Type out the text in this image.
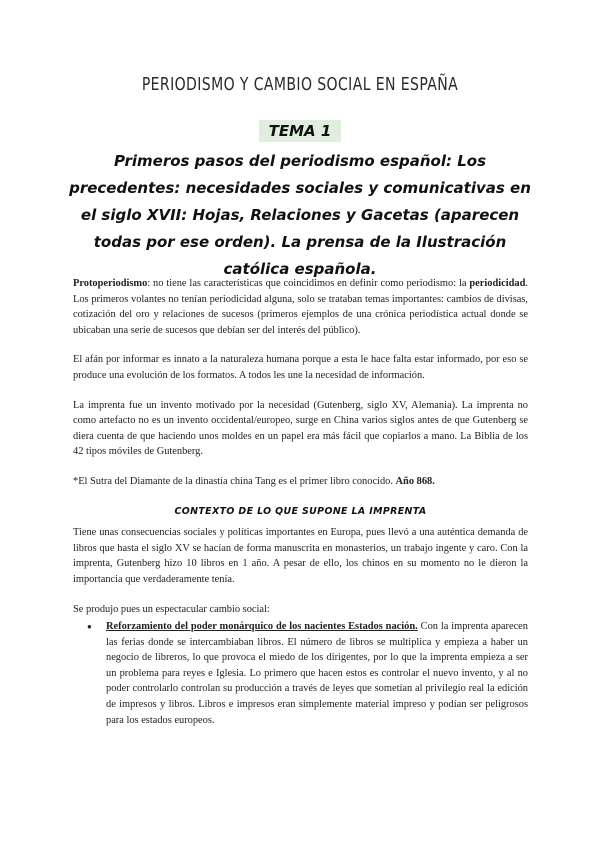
PERIODISMO Y CAMBIO SOCIAL EN ESPAÑA
TEMA 1
Primeros pasos del periodismo español: Los precedentes: necesidades sociales y comunicativas en el siglo XVII: Hojas, Relaciones y Gacetas (aparecen todas por ese orden). La prensa de la Ilustración católica española.

Protoperiodismo: no tiene las características que coincidimos en definir como periodismo: la periodicidad. Los primeros volantes no tenían periodicidad alguna, solo se trataban temas importantes: cambios de divisas, cotización del oro y relaciones de sucesos (primeros ejemplos de una crónica periodística actual donde se ubicaban una serie de sucesos que debían ser del interés del público).

El afán por informar es innato a la naturaleza humana porque a esta le hace falta estar informado, por eso se produce una evolución de los formatos. A todos les une la necesidad de información.

La imprenta fue un invento motivado por la necesidad (Gutenberg, siglo XV, Alemania). La imprenta no como artefacto no es un invento occidental/europeo, surge en China varios siglos antes de que Gutenberg se diera cuenta de que haciendo unos moldes en un papel era más fácil que copiarlos a mano. La Biblia de los 42 tipos móviles de Gutenberg.

*El Sutra del Diamante de la dinastía china Tang es el primer libro conocido. Año 868.

CONTEXTO DE LO QUE SUPONE LA IMPRENTA

Tiene unas consecuencias sociales y políticas importantes en Europa, pues llevó a una auténtica demanda de libros que hasta el siglo XV se hacían de forma manuscrita en monasterios, un trabajo ingente y caro. Con la imprenta, Gutenberg hizo 10 libros en 1 año. A pesar de ello, los chinos en su momento no le dieron la importancia que verdaderamente tenía.

Se produjo pues un espectacular cambio social:

● Reforzamiento del poder monárquico de los nacientes Estados nación. Con la imprenta aparecen las ferias donde se intercambiaban libros. El número de libros se multiplica y empieza a haber un negocio de libreros, lo que provoca el miedo de los dirigentes, por lo que la imprenta empieza a ser un problema para reyes e Iglesia. Lo primero que hacen estos es controlar el nuevo invento, y al no poder controlarlo controlan su producción a través de leyes que sometían al privilegio real la edición de impresos y libros. Libros e impresos eran simplemente material impreso y podían ser peligrosos para los estados europeos.
